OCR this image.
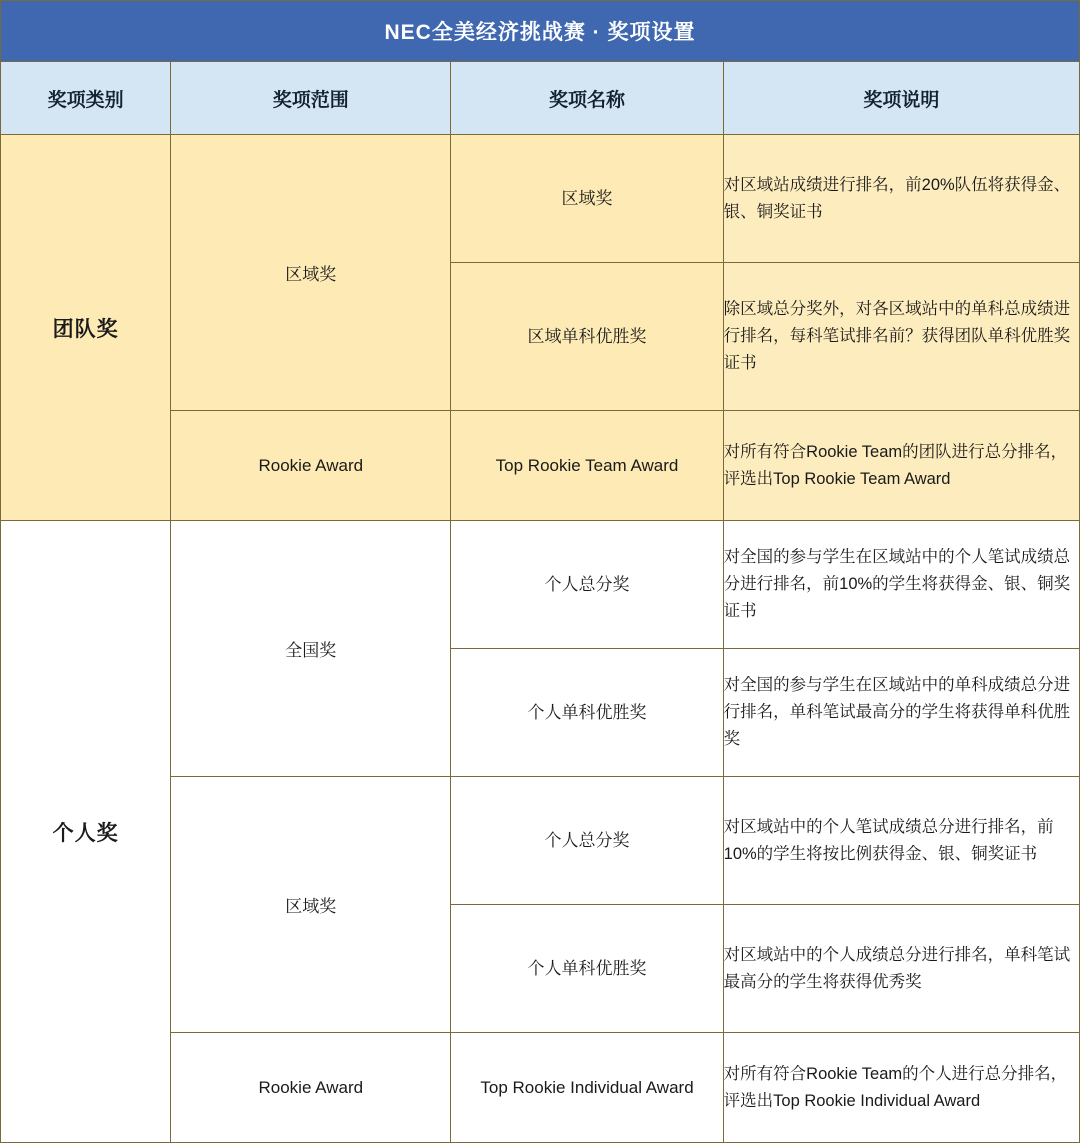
NEC全美经济挑战赛 · 奖项设置			
奖项类别	奖项范围	奖项名称	奖项说明
团队奖	区域奖	区域奖	对区域站成绩进行排名，前20%队伍将获得金、银、铜奖证书
		区域单科优胜奖	除区域总分奖外，对各区域站中的单科总成绩进行排名，每科笔试排名前？获得团队单科优胜奖证书
	Rookie Award	Top Rookie Team Award	对所有符合Rookie Team的团队进行总分排名，评选出Top Rookie Team Award
个人奖	全国奖	个人总分奖	对全国的参与学生在区域站中的个人笔试成绩总分进行排名，前10%的学生将获得金、银、铜奖证书
		个人单科优胜奖	对全国的参与学生在区域站中的单科成绩总分进行排名，单科笔试最高分的学生将获得单科优胜奖
	区域奖	个人总分奖	对区域站中的个人笔试成绩总分进行排名，前10%的学生将按比例获得金、银、铜奖证书
		个人单科优胜奖	对区域站中的个人成绩总分进行排名，单科笔试最高分的学生将获得优秀奖
	Rookie Award	Top Rookie Individual Award	对所有符合Rookie Team的个人进行总分排名，评选出Top Rookie Individual Award
